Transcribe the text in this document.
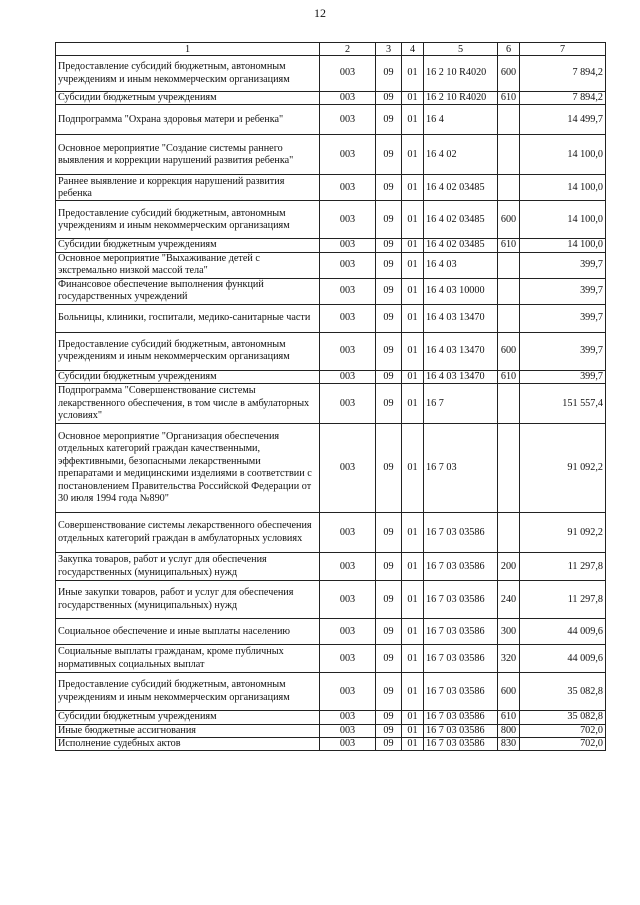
12
1	2	3	4	5	6	7
Предоставление субсидий бюджетным, автономным учреждениям и иным некоммерческим организациям	003	09	01	16 2 10 R4020	600	7 894,2
Субсидии бюджетным учреждениям	003	09	01	16 2 10 R4020	610	7 894,2
Подпрограмма "Охрана здоровья матери и ребенка"	003	09	01	16 4		14 499,7
Основное мероприятие "Создание системы раннего выявления и коррекции нарушений развития ребенка"	003	09	01	16 4 02		14 100,0
Раннее выявление и коррекция нарушений развития ребенка	003	09	01	16 4 02 03485		14 100,0
Предоставление субсидий бюджетным, автономным учреждениям и иным некоммерческим организациям	003	09	01	16 4 02 03485	600	14 100,0
Субсидии бюджетным учреждениям	003	09	01	16 4 02 03485	610	14 100,0
Основное мероприятие "Выхаживание детей с экстремально низкой массой тела"	003	09	01	16 4 03		399,7
Финансовое обеспечение выполнения функций государственных учреждений	003	09	01	16 4 03 10000		399,7
Больницы, клиники, госпитали, медико-санитарные части	003	09	01	16 4 03 13470		399,7
Предоставление субсидий бюджетным, автономным учреждениям и иным некоммерческим организациям	003	09	01	16 4 03 13470	600	399,7
Субсидии бюджетным учреждениям	003	09	01	16 4 03 13470	610	399,7
Подпрограмма "Совершенствование системы лекарственного обеспечения, в том числе в амбулаторных условиях"	003	09	01	16 7		151 557,4
Основное мероприятие "Организация обеспечения отдельных категорий граждан качественными, эффективными, безопасными лекарственными препаратами и медицинскими изделиями в соответствии с постановлением Правительства Российской Федерации от 30 июля 1994 года №890"	003	09	01	16 7 03		91 092,2
Совершенствование системы лекарственного обеспечения отдельных категорий граждан в амбулаторных условиях	003	09	01	16 7 03 03586		91 092,2
Закупка товаров, работ и услуг для обеспечения государственных (муниципальных) нужд	003	09	01	16 7 03 03586	200	11 297,8
Иные закупки товаров, работ и услуг для обеспечения государственных (муниципальных) нужд	003	09	01	16 7 03 03586	240	11 297,8
Социальное обеспечение и иные выплаты населению	003	09	01	16 7 03 03586	300	44 009,6
Социальные выплаты гражданам, кроме публичных нормативных социальных выплат	003	09	01	16 7 03 03586	320	44 009,6
Предоставление субсидий бюджетным, автономным учреждениям и иным некоммерческим организациям	003	09	01	16 7 03 03586	600	35 082,8
Субсидии бюджетным учреждениям	003	09	01	16 7 03 03586	610	35 082,8
Иные бюджетные ассигнования	003	09	01	16 7 03 03586	800	702,0
Исполнение судебных актов	003	09	01	16 7 03 03586	830	702,0
